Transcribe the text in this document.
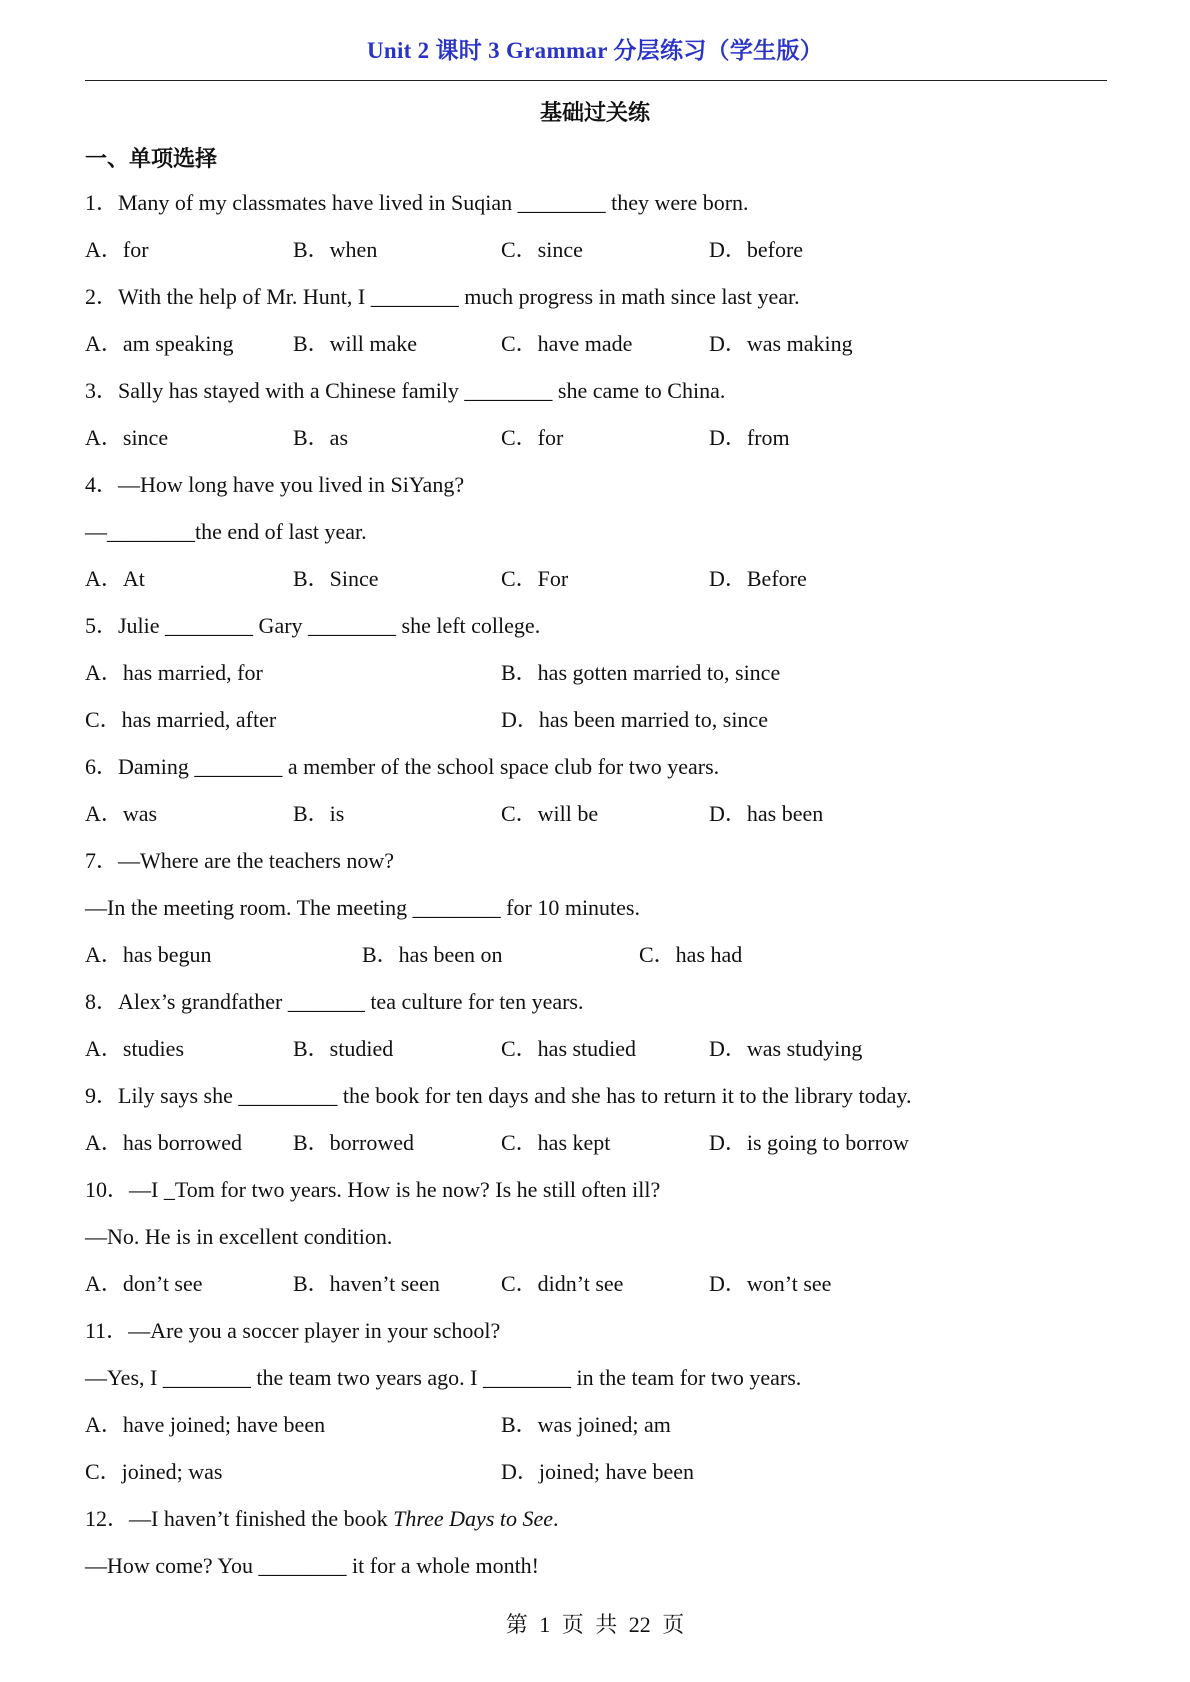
Unit 2 课时 3 Grammar 分层练习（学生版）
基础过关练
一、单项选择
1．Many of my classmates have lived in Suqian ________ they were born.
A．for	B．when	C．since	D．before
2．With the help of Mr. Hunt, I ________ much progress in math since last year.
A．am speaking	B．will make	C．have made	D．was making
3．Sally has stayed with a Chinese family ________ she came to China.
A．since	B．as	C．for	D．from
4．—How long have you lived in SiYang?
—________the end of last year.
A．At	B．Since	C．For	D．Before
5．Julie ________ Gary ________ she left college.
A．has married, for	B．has gotten married to, since
C．has married, after	D．has been married to, since
6．Daming ________ a member of the school space club for two years.
A．was	B．is	C．will be	D．has been
7．—Where are the teachers now?
—In the meeting room. The meeting ________ for 10 minutes.
A．has begun	B．has been on	C．has had
8．Alex’s grandfather _______ tea culture for ten years.
A．studies	B．studied	C．has studied	D．was studying
9．Lily says she _________ the book for ten days and she has to return it to the library today.
A．has borrowed B．borrowed	C．has kept	D．is going to borrow
10．—I _Tom for two years. How is he now? Is he still often ill?
—No. He is in excellent condition.
A．don’t see	B．haven’t seen	C．didn’t see	D．won’t see
11．—Are you a soccer player in your school?
—Yes, I ________ the team two years ago. I ________ in the team for two years.
A．have joined; have been	B．was joined; am
C．joined; was	D．joined; have been
12．—I haven’t finished the book Three Days to See.
—How come? You ________ it for a whole month!
第 1 页 共 22 页
